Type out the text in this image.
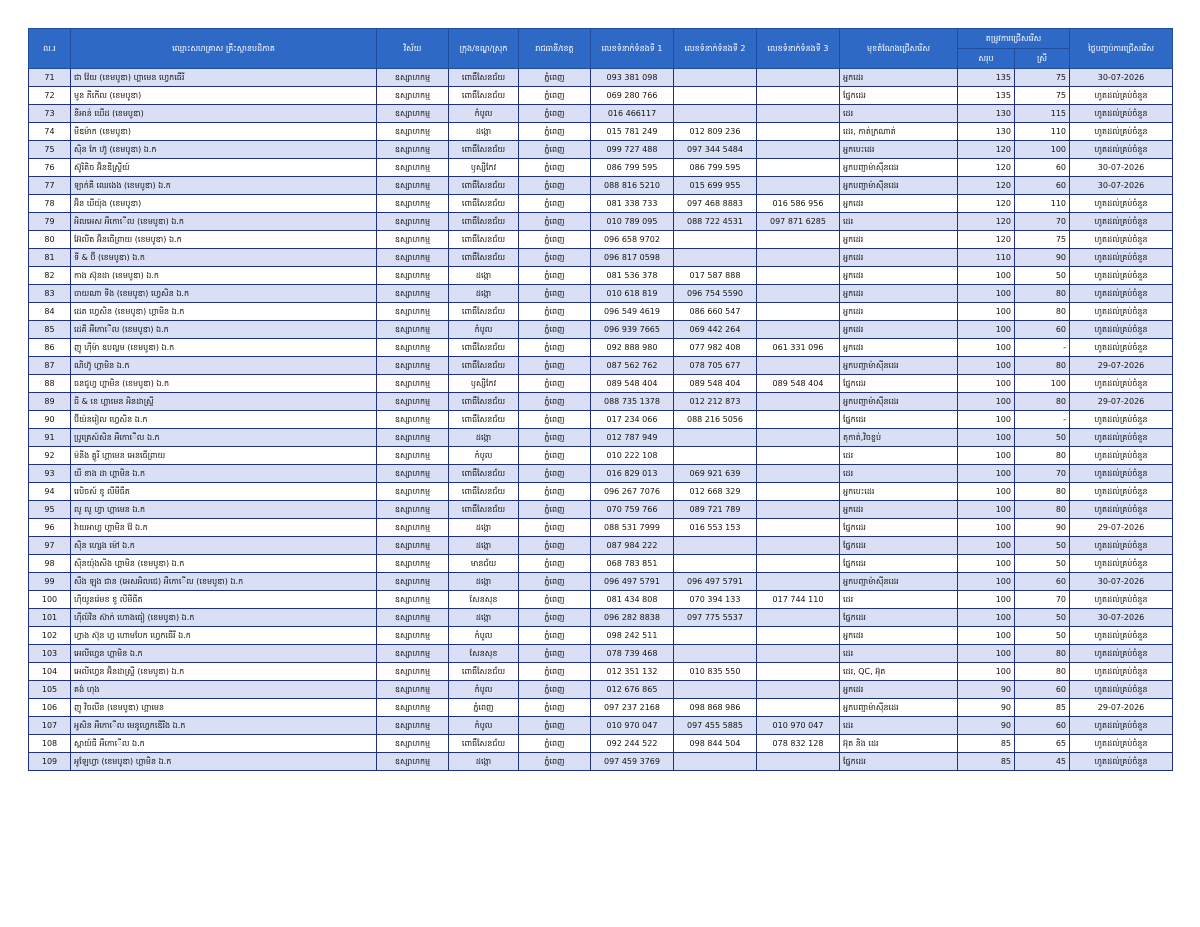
ល.រ	ឈ្មោះសហគ្រាស គ្រឹះស្ថានបដិភាគ	វិស័យ	ក្រុង/ខណ្ឌ/ស្រុក	រាជធានី/ខេត្ត	លេខទំនាក់ទំនងទី 1	លេខទំនាក់ទំនងទី 2	លេខទំនាក់ទំនងទី 3	មុខតំណែងជ្រើសរើស	តម្រូវការជ្រើសរើស		ថ្ងៃបញ្ចប់ការជ្រើសរើស
									សរុប	ស្រី	
71	ជា វ៉ែយ (ខេមបូឌា) ហ្គាមេន ហ្វេកធើរី	ឧស្សាហកម្ម	ពោធិ៍សែនជ័យ	ភ្នំពេញ	093 381 098			អ្នកដេរ	135	75	30-07-2026
72	មូន ភីកើល (ខេមបូឌា)	ឧស្សាហកម្ម	ពោធិ៍សែនជ័យ	ភ្នំពេញ	069 280 766			ផ្នែកដេរ	135	75	ហូតដល់គ្រប់ចំនួន
73	នីអាន់ ឃើដ (ខេមបូឌា)	ឧស្សាហកម្ម	កំបូល	ភ្នំពេញ	016 466117			ដេរ	130	115	ហូតដល់គ្រប់ចំនួន
74	មីឌម៉ាក (ខេមបូឌា)	ឧស្សាហកម្ម	ដង្កោ	ភ្នំពេញ	015 781 249	012 809 236		ដេរ, កាត់ក្រណាត់	130	110	ហូតដល់គ្រប់ចំនួន
75	ស៊ិន កែ ហ៊ូ (ខេមបូឌា) ឯ.ក	ឧស្សាហកម្ម	ពោធិ៍សែនជ័យ	ភ្នំពេញ	099 727 488	097 344 5484		អ្នកបេះដេរ	120	100	ហូតដល់គ្រប់ចំនួន
76	ស៊ូរិតិច អ៊ិនឌីស្ទ្រីយ៍	ឧស្សាហកម្ម	ឫស្សីកែវ	ភ្នំពេញ	086 799 595	086 799 595		អ្នកបញ្ជាម៉ាស៊ីនដេរ	120	60	30-07-2026
77	ឡាក់គី ឈេងេង (ខេមបូឌា) ឯ.ក	ឧស្សាហកម្ម	ពោធិ៍សែនជ័យ	ភ្នំពេញ	088 816 5210	015 699 955		អ្នកបញ្ជាម៉ាស៊ីនដេរ	120	60	30-07-2026
78	អ៊ិន ឃីយ៉ុង (ខេមបូឌា)	ឧស្សាហកម្ម	ពោធិ៍សែនជ័យ	ភ្នំពេញ	081 338 733	097 468 8883	016 586 956	អ្នកដេរ	120	110	ហូតដល់គ្រប់ចំនួន
79	អិលអេស អឹកោើល (ខេមបូឌា) ឯ.ក	ឧស្សាហកម្ម	ពោធិ៍សែនជ័យ	ភ្នំពេញ	010 789 095	088 722 4531	097 871 6285	ដេរ	120	70	ហូតដល់គ្រប់ចំនួន
80	អ៊ែលីត អ៊ិនធើព្រាយ (ខេមបូឌា) ឯ.ក	ឧស្សាហកម្ម	ពោធិ៍សែនជ័យ	ភ្នំពេញ	096 658 9702			អ្នកដេរ	120	75	ហូតដល់គ្រប់ចំនួន
81	ទី & ប៊ី (ខេមបូឌា) ឯ.ក	ឧស្សាហកម្ម	ពោធិ៍សែនជ័យ	ភ្នំពេញ	096 817 0598			អ្នកដេរ	110	90	ហូតដល់គ្រប់ចំនួន
82	កាង ស៊ុនដា (ខេមបូឌា) ឯ.ក	ឧស្សាហកម្ម	ដង្កោ	ភ្នំពេញ	081 536 378	017 587 888		អ្នកដេរ	100	50	ហូតដល់គ្រប់ចំនួន
83	ចាយណា ទីង (ខេមបូឌា) ហ្វេសិន ឯ.ក	ឧស្សាហកម្ម	ដង្កោ	ភ្នំពេញ	010 618 819	096 754 5590		អ្នកដេរ	100	80	ហូតដល់គ្រប់ចំនួន
84	ដេត ហ្វេសិន (ខេមបូឌា) ហ្គាមិន ឯ.ក	ឧស្សាហកម្ម	ពោធិ៍សែនជ័យ	ភ្នំពេញ	096 549 4619	086 660 547		អ្នកដេរ	100	80	ហូតដល់គ្រប់ចំនួន
85	ដេគី អឹកោើល (ខេមបូឌា) ឯ.ក	ឧស្សាហកម្ម	កំបូល	ភ្នំពេញ	096 939 7665	069 442 264		អ្នកដេរ	100	60	ហូតដល់គ្រប់ចំនួន
86	ញូ ហ៊ីម៉ា ឧបល្លម (ខេមបូឌា) ឯ.ក	ឧស្សាហកម្ម	ពោធិ៍សែនជ័យ	ភ្នំពេញ	092 888 980	077 982 408	061 331 096	អ្នកដេរ	100	-	ហូតដល់គ្រប់ចំនួន
87	ណិហ៊ូ ហ្គាមិន ឯ.ក	ឧស្សាហកម្ម	ពោធិ៍សែនជ័យ	ភ្នំពេញ	087 562 762	078 705 677		អ្នកបញ្ជាម៉ាស៊ីនដេរ	100	80	29-07-2026
88	ធនជូហ្វ ហ្គាមិន (ខេមបូឌា) ឯ.ក	ឧស្សាហកម្ម	ឫស្សីកែវ	ភ្នំពេញ	089 548 404	089 548 404	089 548 404	ផ្នែកដេរ	100	100	ហូតដល់គ្រប់ចំនួន
89	ធី & ខេ ហ្គាមេន អិនដាស្ទ្រី	ឧស្សាហកម្ម	ពោធិ៍សែនជ័យ	ភ្នំពេញ	088 735 1378	012 212 873		អ្នកបញ្ជាម៉ាស៊ីនដេរ	100	80	29-07-2026
90	ប៊ីយ៉នរៀល ហ្វេសិន ឯ.ក	ឧស្សាហកម្ម	ពោធិ៍សែនជ័យ	ភ្នំពេញ	017 234 066	088 216 5056		ផ្នែកដេរ	100	-	ហូតដល់គ្រប់ចំនួន
91	ប្រូគ្រេស៍សិន អឹកោើល ឯ.ក	ឧស្សាហកម្ម	ដង្កោ	ភ្នំពេញ	012 787 949			តុកាត់,វិចខ្ចប់	100	50	ហូតដល់គ្រប់ចំនួន
92	ម៉នីង គ្លូរី ហ្គាមេន អេនធើព្រាយ	ឧស្សាហកម្ម	កំបូល	ភ្នំពេញ	010 222 108			ដេរ	100	80	ហូតដល់គ្រប់ចំនួន
93	យី ខាង ដា ហ្គាមិន ឯ.ក	ឧស្សាហកម្ម	ពោធិ៍សែនជ័យ	ភ្នំពេញ	016 829 013	069 921 639		ដេរ	100	70	ហូតដល់គ្រប់ចំនួន
94	រេបិចស៍ ខូ លីមីធីត	ឧស្សាហកម្ម	ពោធិ៍សែនជ័យ	ភ្នំពេញ	096 267 7076	012 668 329		អ្នកបេះដេរ	100	80	ហូតដល់គ្រប់ចំនួន
95	លូ លូ ហ្វា ហ្គាមេន ឯ.ក	ឧស្សាហកម្ម	ពោធិ៍សែនជ័យ	ភ្នំពេញ	070 759 766	089 721 789		អ្នកដេរ	100	80	ហូតដល់គ្រប់ចំនួន
96	វ៉ាយអាហ្វ ហ្គាមិន វ៉ែ ឯ.ក	ឧស្សាហកម្ម	ដង្កោ	ភ្នំពេញ	088 531 7999	016 553 153		ផ្នែកដេរ	100	90	29-07-2026
97	ស៊ិន ហ្សេង ម៉ៅ ឯ.ក	ឧស្សាហកម្ម	ដង្កោ	ភ្នំពេញ	087 984 222			ផ្នែកដេរ	100	50	ហូតដល់គ្រប់ចំនួន
98	ស៊ិនយ៉ុងសិង ហ្គាមិន (ខេមបូឌា) ឯ.ក	ឧស្សាហកម្ម	មានជ័យ	ភ្នំពេញ	068 783 851			ផ្នែកដេរ	100	50	ហូតដល់គ្រប់ចំនួន
99	សឹង ឡុង ជាន (អេសអិលជេ) អឹកោើល (ខេមបូឌា) ឯ.ក	ឧស្សាហកម្ម	ដង្កោ	ភ្នំពេញ	096 497 5791	096 497 5791		អ្នកបញ្ជាម៉ាស៊ីនដេរ	100	60	30-07-2026
100	ហ៊ីយូនរ៉េមខ ខូ លីមីធីត	ឧស្សាហកម្ម	សែនសុខ	ភ្នំពេញ	081 434 808	070 394 133	017 744 110	ដេរ	100	70	ហូតដល់គ្រប់ចំនួន
101	ហ៊ីល៍វិន ស៊ាក់ ហោងធៀ (ខេមបូឌា) ឯ.ក	ឧស្សាហកម្ម	ដង្កោ	ភ្នំពេញ	096 282 8838	097 775 5537		ផ្នែកដេរ	100	50	30-07-2026
102	ហ្វាង ស៊ុន ហ្វ ហោមបែក ហ្វេកធើរី ឯ.ក	ឧស្សាហកម្ម	កំបូល	ភ្នំពេញ	098 242 511			អ្នកដេរ	100	50	ហូតដល់គ្រប់ចំនួន
103	អេលីហ្វេន ហ្គាមិន ឯ.ក	ឧស្សាហកម្ម	សែនសុខ	ភ្នំពេញ	078 739 468			ដេរ	100	80	ហូតដល់គ្រប់ចំនួន
104	អេលីហ្វេន អ៊ិនដាស្ទ្រី (ខេមបូឌា) ឯ.ក	ឧស្សាហកម្ម	ពោធិ៍សែនជ័យ	ភ្នំពេញ	012 351 132	010 835 550		ដេរ, QC, អ៊ុត	100	80	ហូតដល់គ្រប់ចំនួន
105	គង់ ហុង	ឧស្សាហកម្ម	កំបូល	ភ្នំពេញ	012 676 865			អ្នកដេរ	90	60	ហូតដល់គ្រប់ចំនួន
106	ញូ វិចលីន (ខេមបូឌា) ហ្គាមេន	ឧស្សាហកម្ម	ភ្នំពេញ	ភ្នំពេញ	097 237 2168	098 868 986		អ្នកបញ្ជាម៉ាស៊ីនដេរ	90	85	29-07-2026
107	អូសិន អឹកោើល មេនូហ្វេកឌើរីង ឯ.ក	ឧស្សាហកម្ម	កំបូល	ភ្នំពេញ	010 970 047	097 455 5885	010 970 047	ដេរ	90	60	ហូតដល់គ្រប់ចំនួន
108	ស្ពាយ៍ធី អឹកោើល ឯ.ក	ឧស្សាហកម្ម	ពោធិ៍សែនជ័យ	ភ្នំពេញ	092 244 522	098 844 504	078 832 128	អ៊ុត និង ដេរ	85	65	ហូតដល់គ្រប់ចំនួន
109	អូឡែហ្វា (ខេមបូឌា) ហ្គាមិន ឯ.ក	ឧស្សាហកម្ម	ដង្កោ	ភ្នំពេញ	097 459 3769			ផ្នែកដេរ	85	45	ហូតដល់គ្រប់ចំនួន
